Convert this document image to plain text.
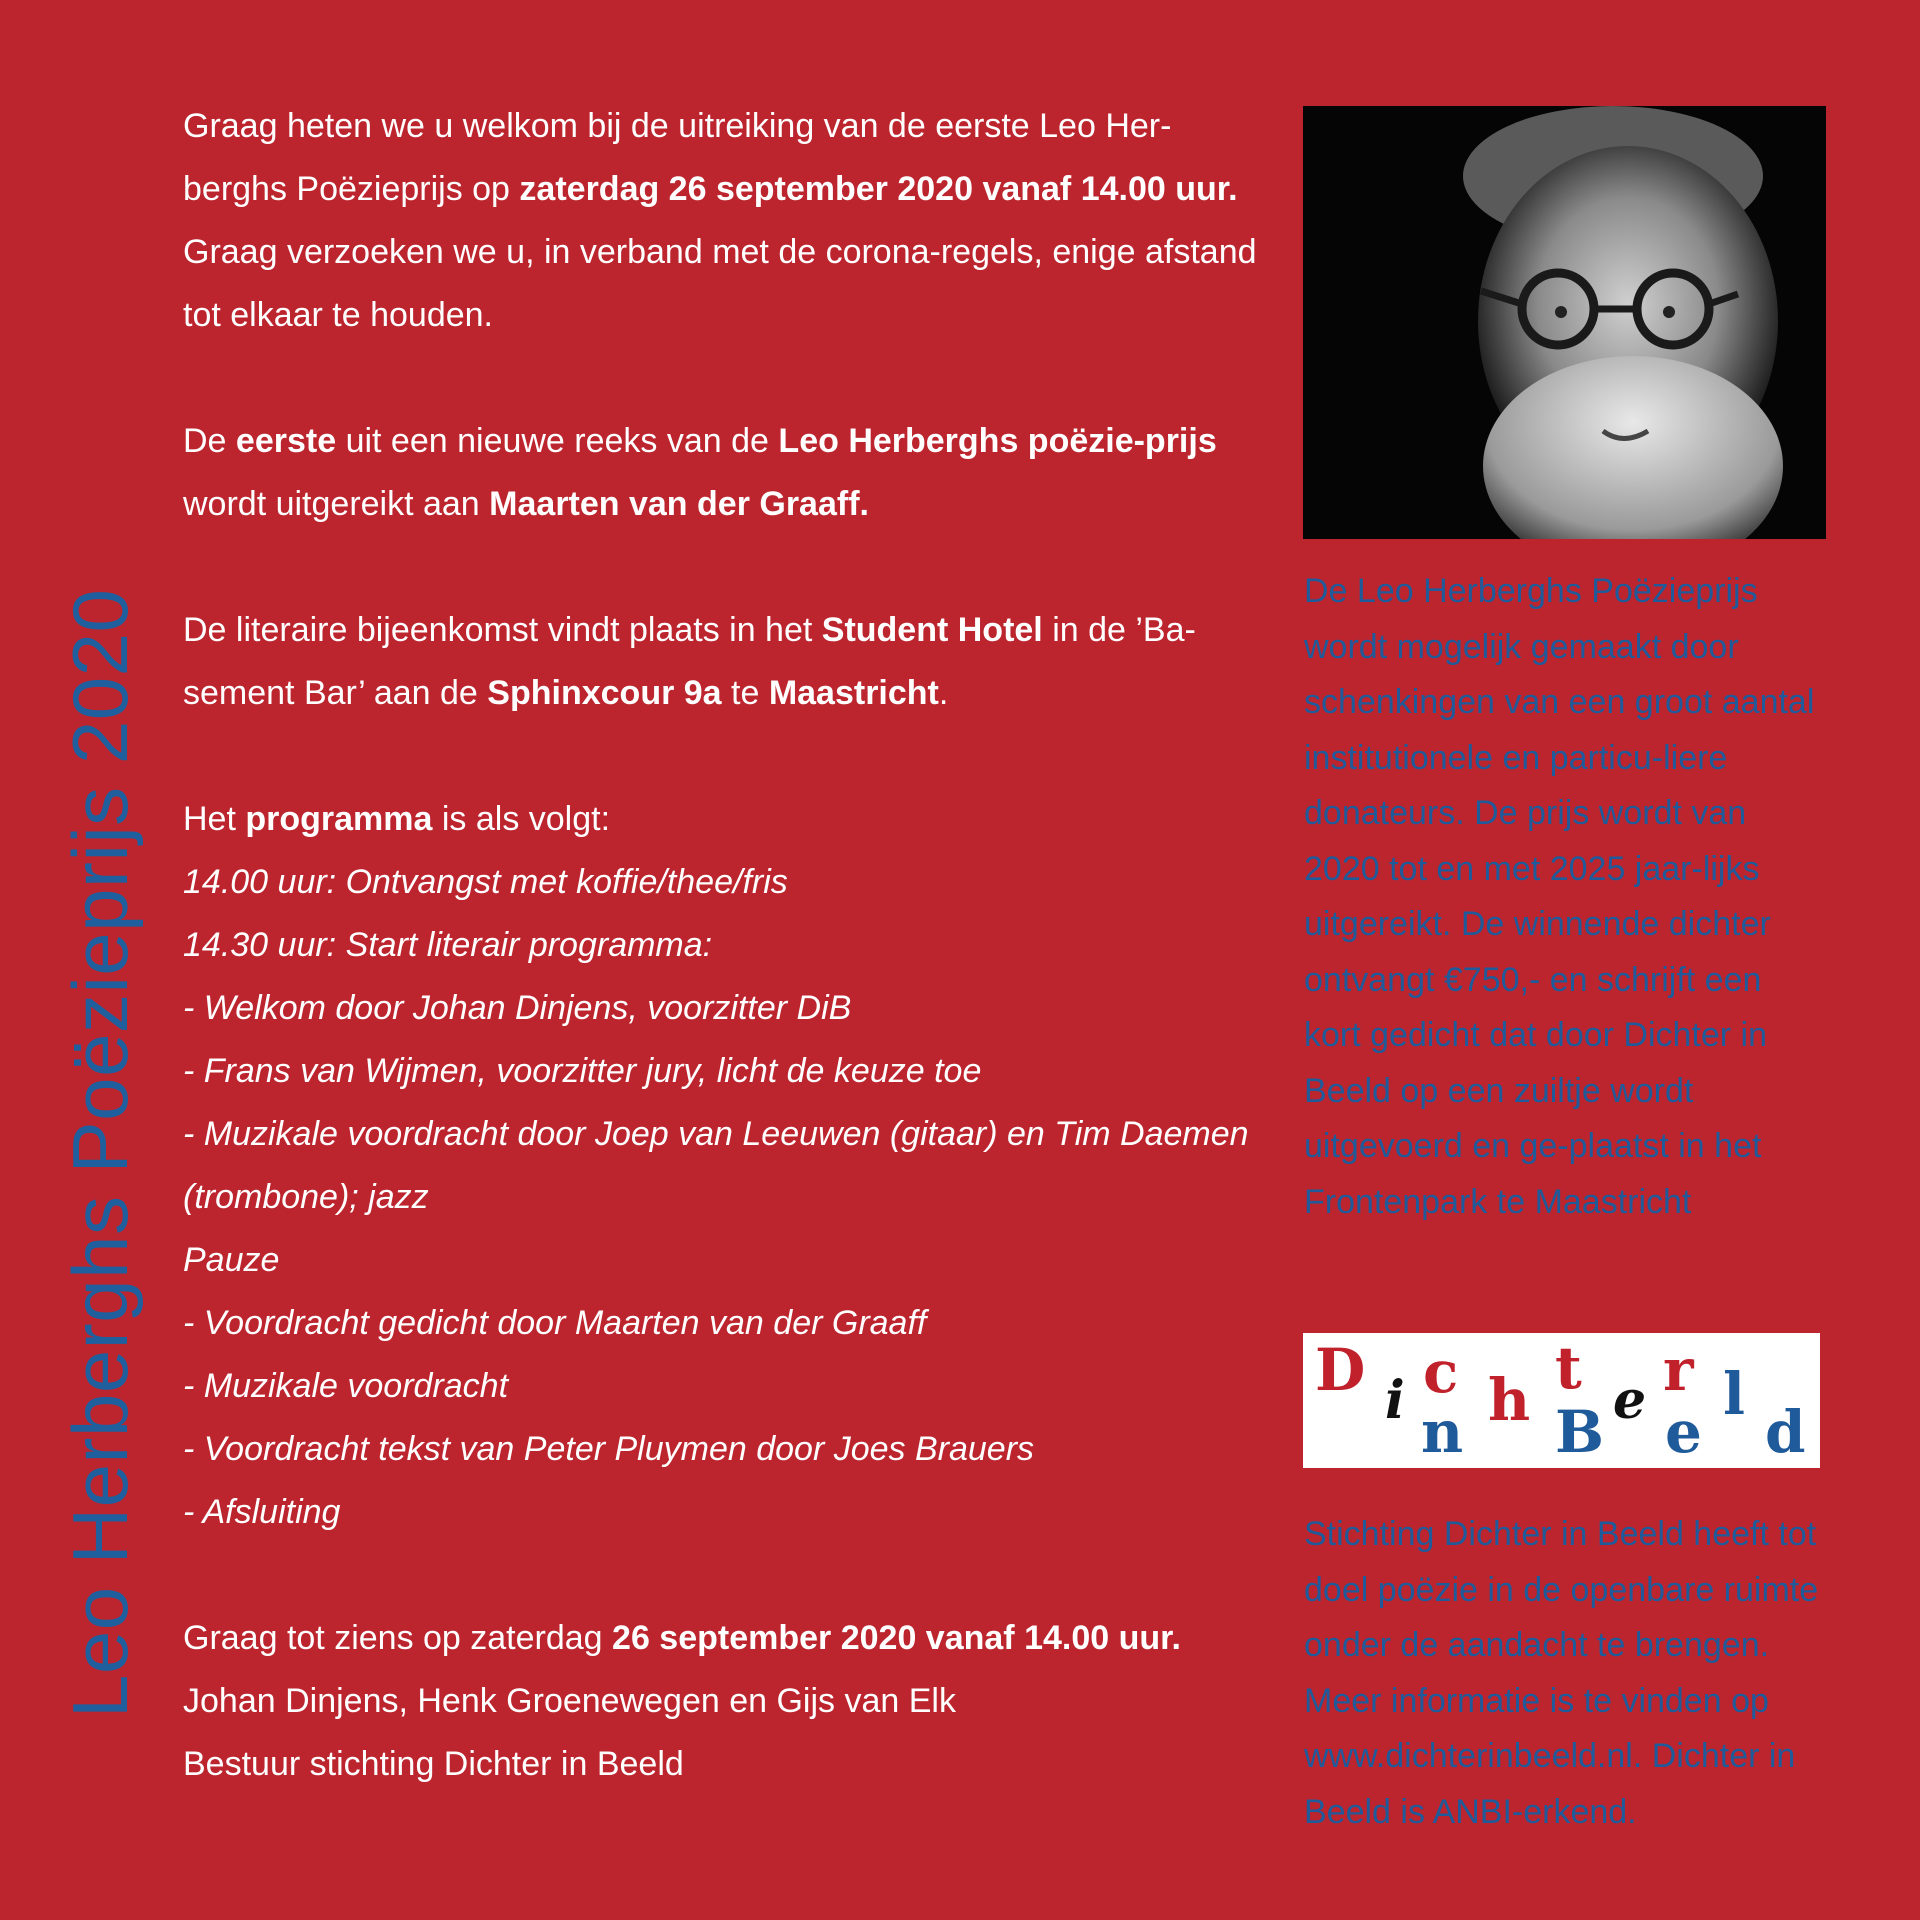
Leo Herberghs Poëzieprijs 2020

Graag heten we u welkom bij de uitreiking van de eerste Leo Her-berghs Poëzieprijs op zaterdag 26 september 2020 vanaf 14.00 uur. Graag verzoeken we u, in verband met de corona-regels, enige afstand tot elkaar te houden.

De eerste uit een nieuwe reeks van de Leo Herberghs poëzie-prijs wordt uitgereikt aan Maarten van der Graaff.

De literaire bijeenkomst vindt plaats in het Student Hotel in de ’Ba-sement Bar’ aan de Sphinxcour 9a te Maastricht.

Het programma is als volgt:
14.00 uur: Ontvangst met koffie/thee/fris
14.30 uur: Start literair programma:
- Welkom door Johan Dinjens, voorzitter DiB
- Frans van Wijmen, voorzitter jury, licht de keuze toe
- Muzikale voordracht door Joep van Leeuwen (gitaar) en Tim Daemen (trombone); jazz
Pauze
- Voordracht gedicht door Maarten van der Graaff
- Muzikale voordracht
- Voordracht tekst van Peter Pluymen door Joes Brauers
- Afsluiting

Graag tot ziens op zaterdag 26 september 2020 vanaf 14.00 uur.

Johan Dinjens, Henk Groenewegen en Gijs van Elk

Bestuur stichting Dichter in Beeld

De Leo Herberghs Poëzieprijs wordt mogelijk gemaakt door schenkingen van een groot aantal institutionele en particu-liere donateurs. De prijs wordt van 2020 tot en met 2025 jaar-lijks uitgereikt. De winnende dichter ontvangt €750,- en schrijft een kort gedicht dat door Dichter in Beeld op een zuiltje wordt uitgevoerd en ge-plaatst in het Frontenpark te Maastricht
D i c h t e r
n B e
l
d
Stichting Dichter in Beeld heeft tot doel poëzie in de openbare ruimte onder de aandacht te brengen. Meer informatie is te vinden op www.dichterinbeeld.nl. Dichter in Beeld is ANBI-erkend.
